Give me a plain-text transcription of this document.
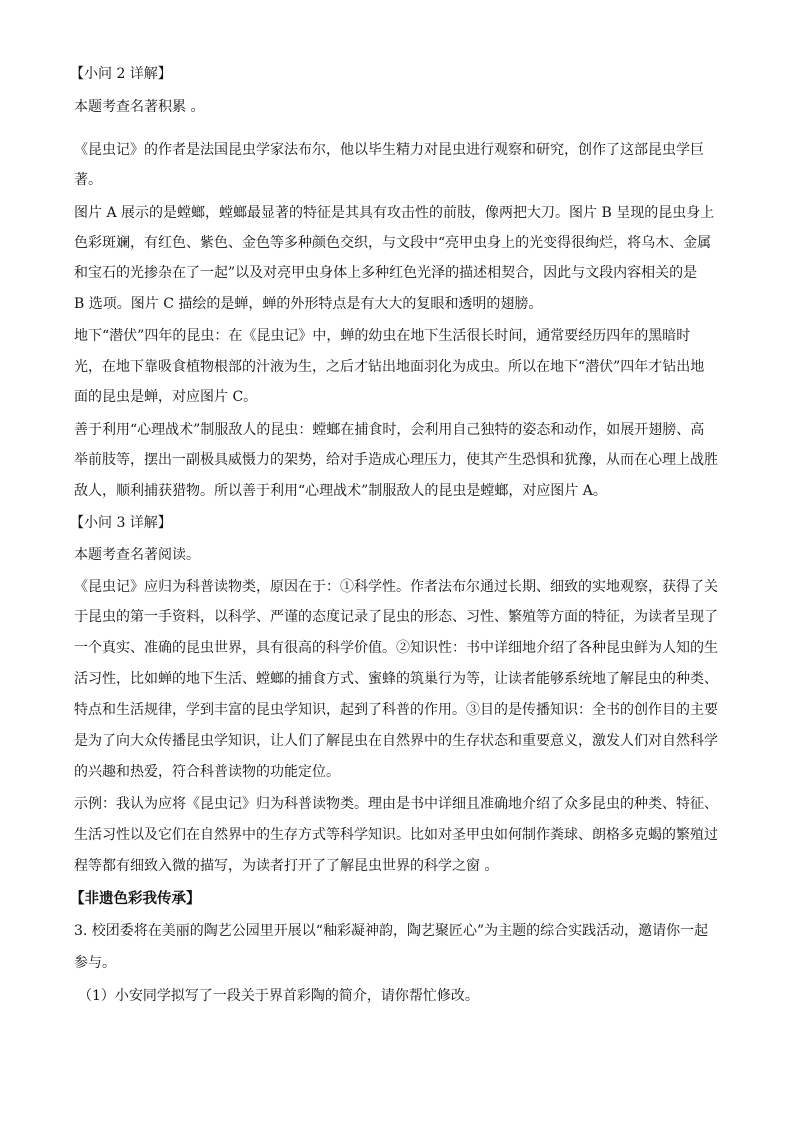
【小问 2 详解】
本题考查名著积累 。
《昆虫记》的作者是法国昆虫学家法布尔，他以毕生精力对昆虫进行观察和研究，创作了这部昆虫学巨
著。
图片 A 展示的是螳螂，螳螂最显著的特征是其具有攻击性的前肢，像两把大刀。图片 B 呈现的昆虫身上
色彩斑斓，有红色、紫色、金色等多种颜色交织，与文段中“亮甲虫身上的光变得很绚烂，将乌木、金属
和宝石的光掺杂在了一起”以及对亮甲虫身体上多种红色光泽的描述相契合，因此与文段内容相关的是
B 选项。图片 C 描绘的是蝉，蝉的外形特点是有大大的复眼和透明的翅膀。
地下“潜伏”四年的昆虫：在《昆虫记》中，蝉的幼虫在地下生活很长时间，通常要经历四年的黑暗时
光，在地下靠吸食植物根部的汁液为生，之后才钻出地面羽化为成虫。所以在地下“潜伏”四年才钻出地
面的昆虫是蝉，对应图片 C。
善于利用“心理战术”制服敌人的昆虫：螳螂在捕食时，会利用自己独特的姿态和动作，如展开翅膀、高
举前肢等，摆出一副极具威慑力的架势，给对手造成心理压力，使其产生恐惧和犹豫，从而在心理上战胜
敌人，顺利捕获猎物。所以善于利用“心理战术”制服敌人的昆虫是螳螂，对应图片 A。
【小问 3 详解】
本题考查名著阅读。
《昆虫记》应归为科普读物类，原因在于：①科学性。作者法布尔通过长期、细致的实地观察，获得了关
于昆虫的第一手资料，以科学、严谨的态度记录了昆虫的形态、习性、繁殖等方面的特征，为读者呈现了
一个真实、准确的昆虫世界，具有很高的科学价值。②知识性：书中详细地介绍了各种昆虫鲜为人知的生
活习性，比如蝉的地下生活、螳螂的捕食方式、蜜蜂的筑巢行为等，让读者能够系统地了解昆虫的种类、
特点和生活规律，学到丰富的昆虫学知识，起到了科普的作用。③目的是传播知识：全书的创作目的主要
是为了向大众传播昆虫学知识，让人们了解昆虫在自然界中的生存状态和重要意义，激发人们对自然科学
的兴趣和热爱，符合科普读物的功能定位。
示例：我认为应将《昆虫记》归为科普读物类。理由是书中详细且准确地介绍了众多昆虫的种类、特征、
生活习性以及它们在自然界中的生存方式等科学知识。比如对圣甲虫如何制作粪球、朗格多克蝎的繁殖过
程等都有细致入微的描写，为读者打开了了解昆虫世界的科学之窗 。
【非遗色彩我传承】
3. 校团委将在美丽的陶艺公园里开展以“釉彩凝神韵，陶艺聚匠心”为主题的综合实践活动，邀请你一起
参与。
（1）小安同学拟写了一段关于界首彩陶的简介，请你帮忙修改。
